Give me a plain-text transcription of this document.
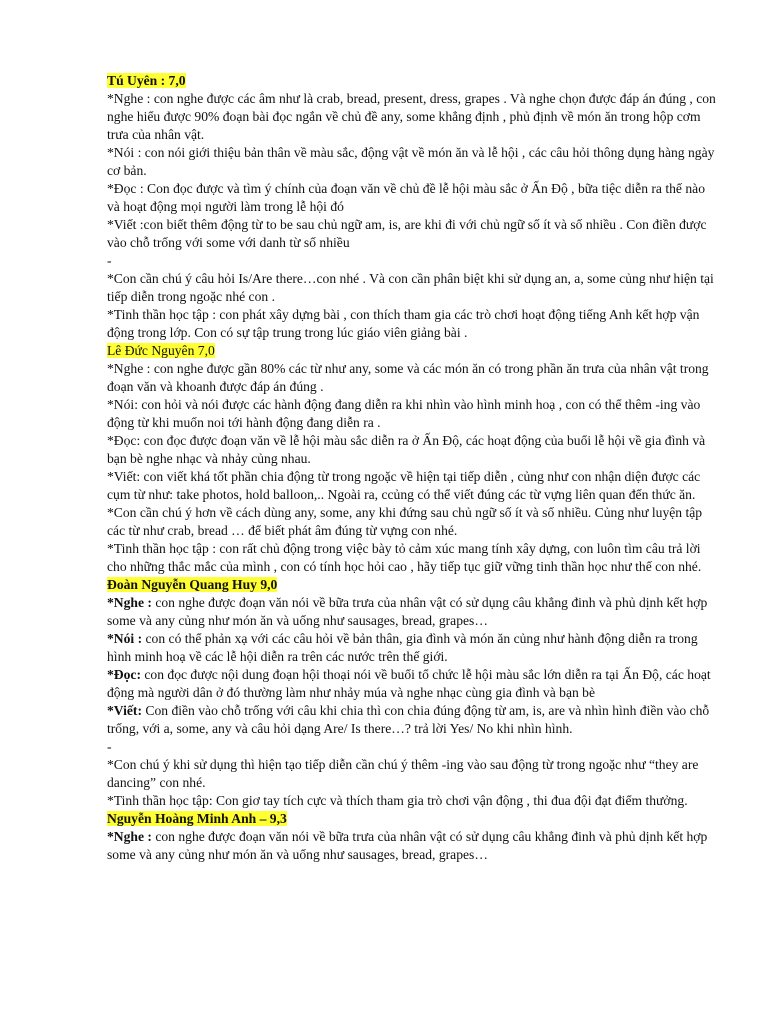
Tú Uyên : 7,0

*Nghe : con nghe được các âm như là crab, bread, present, dress, grapes . Và nghe chọn được đáp án đúng , con nghe hiểu được 90% đoạn bài đọc ngắn về chủ đề any, some khẳng định , phủ định về món ăn trong hộp cơm trưa của nhân vật.

*Nói : con nói giới thiệu bản thân về màu sắc, động vật về món ăn và lễ hội , các câu hỏi thông dụng hàng ngày cơ bản.

*Đọc : Con đọc được và tìm ý chính của đoạn văn về chủ đề lễ hội màu sắc ở Ấn Độ , bữa tiệc diễn ra thế nào và hoạt động mọi người làm trong lễ hội đó

*Viết :con biết thêm động từ to be sau chủ ngữ am, is, are khi đi với chủ ngữ số ít và số nhiều . Con điền được vào chỗ trống với some với danh từ số nhiều

-

*Con cần chú ý câu hỏi Is/Are there…con nhé . Và con cần phân biệt khi sử dụng an, a, some củng như hiện tại tiếp diễn trong ngoặc nhé con .

*Tinh thần học tập : con phát xây dựng bài , con thích tham gia các trò chơi hoạt động tiếng Anh kết hợp vận động trong lớp. Con có sự tập trung trong lúc giáo viên giảng bài .

Lê Đức Nguyên 7,0

*Nghe : con nghe được gần 80% các từ như any, some và các món ăn có trong phần ăn trưa của nhân vật trong đoạn văn và khoanh được đáp án đúng .

*Nói: con hỏi và nói được các hành động đang diễn ra khi nhìn vào hình minh hoạ , con có thể thêm -ing vào động từ khi muốn noi tới hành động đang diễn ra .

*Đọc: con đọc được đoạn văn về lễ hội màu sắc diễn ra ở Ấn Độ, các hoạt động của buổi lễ hội về gia đình và bạn bè nghe nhạc và nhảy củng nhau.

*Viết: con viết khá tốt phần chia động từ trong ngoặc về hiện tại tiếp diễn , củng như con nhận diện được các cụm từ như: take photos, hold balloon,.. Ngoài ra, ccủng có thể viết đúng các từ vựng liên quan đến thức ăn.

*Con cần chú ý hơn về cách dùng any, some, any khi đứng sau chủ ngữ số ít và số nhiều. Củng như luyện tập các từ như crab, bread … để biết phát âm đúng từ vựng con nhé.

*Tinh thần học tập : con rất chủ động trong việc bày tỏ cảm xúc mang tính xây dựng, con luôn tìm câu trả lời cho những thắc mắc của mình , con có tính học hỏi cao , hãy tiếp tục giữ vững tinh thần học như thế con nhé.

Đoàn Nguyễn Quang Huy 9,0

*Nghe : con nghe được đoạn văn nói về bữa trưa của nhân vật có sử dụng câu khẳng đinh và phủ dịnh kết hợp some và any củng như món ăn và uống như sausages, bread, grapes…

*Nói : con có thể phản xạ với các câu hỏi về bản thân, gia đình và món ăn củng như hành động diễn ra trong hình minh hoạ về các lễ hội diễn ra trên các nước trên thế giới.

*Đọc: con đọc được nội dung đoạn hội thoại nói về buổi tổ chức lễ hội màu sắc lớn diễn ra tại Ấn Độ, các hoạt động mà người dân ở đó thường làm như nhảy múa và nghe nhạc cùng gia đình và bạn bè

*Viết: Con điền vào chỗ trống với câu khi chia thì con chia đúng động từ am, is, are và nhìn hình điền vào chỗ trống, với a, some, any và câu hỏi dạng Are/ Is there…? trả lời Yes/ No khi nhìn hình.

-

*Con chú ý khi sử dụng thì hiện tạo tiếp diễn cần chú ý thêm -ing vào sau động từ trong ngoặc như “they are dancing” con nhé.

*Tinh thần học tập: Con giơ tay tích cực và thích tham gia trò chơi vận động , thi đua đội đạt điểm thưởng.

Nguyễn Hoàng Minh Anh – 9,3

*Nghe : con nghe được đoạn văn nói về bữa trưa của nhân vật có sử dụng câu khẳng đinh và phủ dịnh kết hợp some và any củng như món ăn và uống như sausages, bread, grapes…
